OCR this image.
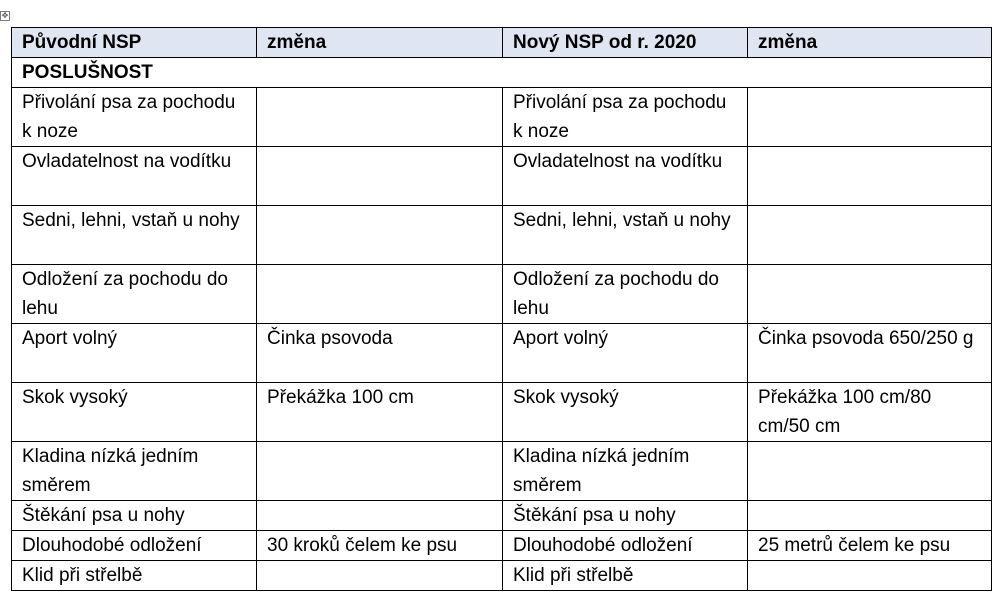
✥
Původní NSP	změna	Nový NSP od r. 2020	změna
POSLUŠNOST			
Přivolání psa za pochodu k noze		Přivolání psa za pochodu k noze	
Ovladatelnost na vodítku		Ovladatelnost na vodítku	
Sedni, lehni, vstaň u nohy		Sedni, lehni, vstaň u nohy	
Odložení za pochodu do lehu		Odložení za pochodu do lehu	
Aport volný	Činka psovoda	Aport volný	Činka psovoda 650/250 g
Skok vysoký	Překážka 100 cm	Skok vysoký	Překážka 100 cm/80 cm/50 cm
Kladina nízká jedním směrem		Kladina nízká jedním směrem	
Štěkání psa u nohy		Štěkání psa u nohy	
Dlouhodobé odložení	30 kroků čelem ke psu	Dlouhodobé odložení	25 metrů čelem ke psu
Klid při střelbě		Klid při střelbě	
